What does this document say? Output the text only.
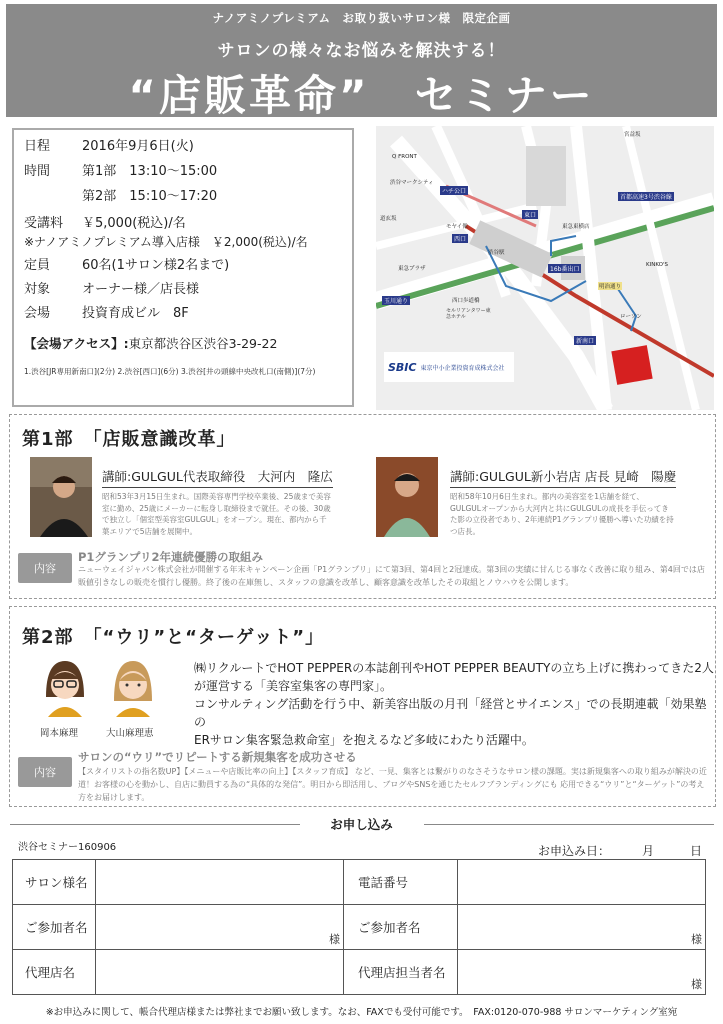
ナノアミノプレミアム　お取り扱いサロン様　限定企画
サロンの様々なお悩みを解決する！
“店販革命”　セミナー
日程	2016年9月6日(火)
時間	第1部　13:10～15:00
第2部　15:10～17:20
受講料	￥5,000(税込)/名
※ナノアミノプレミアム導入店様　￥2,000(税込)/名
定員	60名(1サロン様2名まで)
対象	オーナー様／店長様
会場	投資育成ビル　8F
【会場アクセス】:東京都渋谷区渋谷3-29-22
1.渋谷[JR専用新南口](2分) 2.渋谷[西口](6分) 3.渋谷[井の頭線中央改札口(南側)](7分)	SBIC 東京中小企業投資育成株式会社
渋谷マークシティ
ハチ公口
東口
西口
16b番出口
新南口
玉川通り
首都高速3号渋谷線
ローソン
明治通り
KINKO'S
東急プラザ
セルリアンタワー東急ホテル
西口歩道橋
Q FRONT
宮益坂
道玄坂
渋谷駅
モヤイ像	東急東横店
第1部　「店販意識改革」
講師:GULGUL代表取締役　大河内　隆広
昭和53年3月15日生まれ。国際美容専門学校卒業後、25歳まで美容室に勤め、25歳にメーカーに転身し取締役まで就任。その後、30歳で独立し「個室型美容室GULGUL」をオープン。現在、都内から千葉エリアで5店舗を展開中。
講師:GULGUL新小岩店 店長 見崎　陽慶
昭和58年10月6日生まれ。都内の美容室を1店舗を経て、GULGULオープンから大河内と共にGULGULの成長を手伝ってきた影の立役者であり、2年連続P1グランプリ優勝へ導いた功績を持つ店長。
内容
P1グランプリ2年連続優勝の取組み
ニューウェイジャパン株式会社が開催する年末キャンペーン企画「P1グランプリ」にて第3回、第4回と2冠達成。第3回の実績に甘んじる事なく改善に取り組み、第4回では店販値引きなしの販売を慣行し優勝。終了後の在庫無し、スタッフの意識を改革し、顧客意識を改革したその取組とノウハウを公開します。
第2部　「“ウリ”と“ターゲット”」
岡本麻理	大山麻理恵
㈱リクルートでHOT PEPPERの本誌創刊やHOT PEPPER BEAUTYの立ち上げに携わってきた2人
が運営する「美容室集客の専門家」。
コンサルティング活動を行う中、新美容出版の月刊「経営とサイエンス」での長期連載「効果塾の
ERサロン集客緊急救命室」を抱えるなど多岐にわたり活躍中。
内容
サロンの“ウリ”でリピートする新規集客を成功させる
【スタイリストの指名数UP】【メニューや店販比率の向上】【スタッフ育成】 など、一見、集客とは繋がりのなさそうなサロン様の課題。実は新規集客への取り組みが解決の近道！お客様の心を動かし、自店に動員する為の“具体的な発信”。明日から即活用し、ブログやSNSを通じたセルフブランディングにも 応用できる“ウリ”と“ターゲット”の考え方をお届けします。
お申し込み
渋谷セミナー160906	お申込み日：	月	日
サロン様名		電話番号	
ご参加者名	様	ご参加者名	様

代理店名		代理店担当者名	様
※お申込みに関して、帳合代理店様または弊社までお願い致します。なお、FAXでも受付可能です。　FAX:0120-070-988 サロンマーケティング室宛
